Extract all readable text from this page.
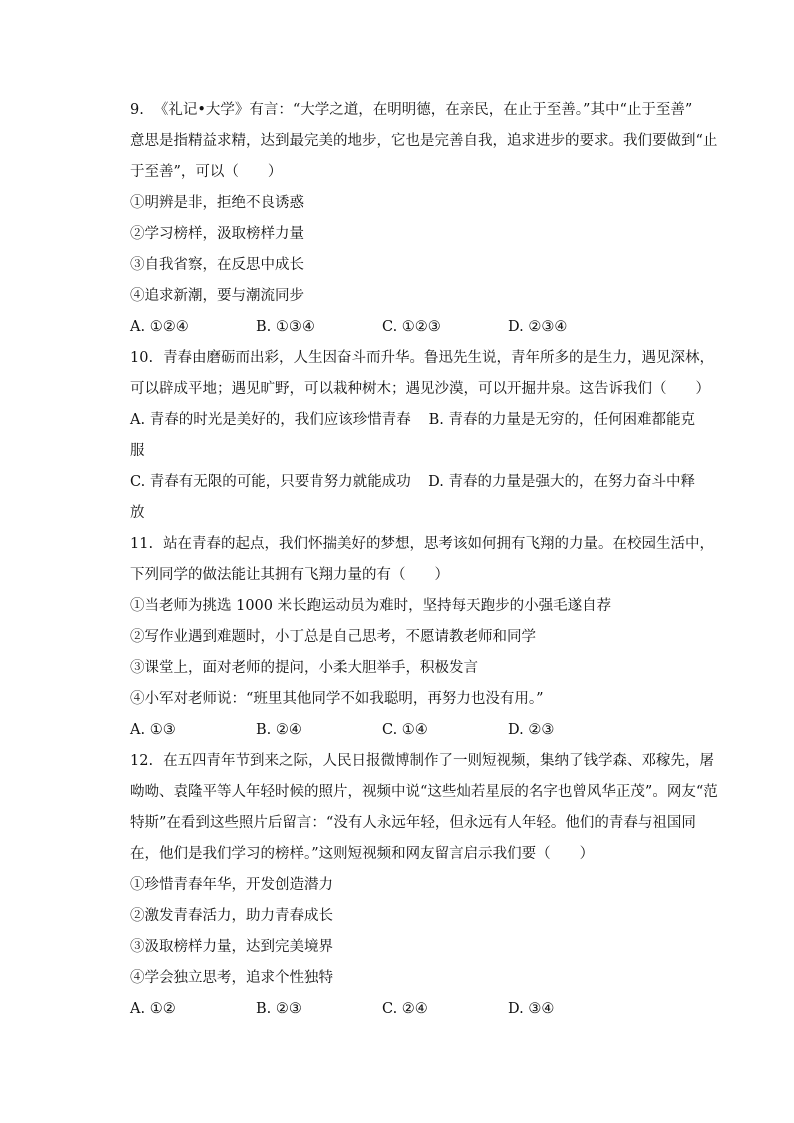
9. 《礼记•大学》有言：“大学之道，在明明德，在亲民，在止于至善。”其中“止于至善”
意思是指精益求精，达到最完美的地步，它也是完善自我，追求进步的要求。我们要做到“止
于至善”，可以（　　）
①明辨是非，拒绝不良诱惑
②学习榜样，汲取榜样力量
③自我省察，在反思中成长
④追求新潮，要与潮流同步
A. ①②④	B. ①③④	C. ①②③	D. ②③④
10. 青春由磨砺而出彩，人生因奋斗而升华。鲁迅先生说，青年所多的是生力，遇见深林，
可以辟成平地；遇见旷野，可以栽种树木；遇见沙漠，可以开掘井泉。这告诉我们（　　）
A. 青春的时光是美好的，我们应该珍惜青春	B. 青春的力量是无穷的，任何困难都能克
服
C. 青春有无限的可能，只要肯努力就能成功	D. 青春的力量是强大的，在努力奋斗中释
放
11. 站在青春的起点，我们怀揣美好的梦想，思考该如何拥有飞翔的力量。在校园生活中，
下列同学的做法能让其拥有飞翔力量的有（　　）
①当老师为挑选 1000 米长跑运动员为难时，坚持每天跑步的小强毛遂自荐
②写作业遇到难题时，小丁总是自己思考，不愿请教老师和同学
③课堂上，面对老师的提问，小柔大胆举手，积极发言
④小军对老师说：“班里其他同学不如我聪明，再努力也没有用。”
A. ①③	B. ②④	C. ①④	D. ②③
12. 在五四青年节到来之际，人民日报微博制作了一则短视频，集纳了钱学森、邓稼先，屠
呦呦、袁隆平等人年轻时候的照片，视频中说“这些灿若星辰的名字也曾风华正茂”。网友“范
特斯”在看到这些照片后留言：“没有人永远年轻，但永远有人年轻。他们的青春与祖国同
在，他们是我们学习的榜样。”这则短视频和网友留言启示我们要（　　）
①珍惜青春年华，开发创造潜力
②激发青春活力，助力青春成长
③汲取榜样力量，达到完美境界
④学会独立思考，追求个性独特
A. ①②	B. ②③	C. ②④	D. ③④
